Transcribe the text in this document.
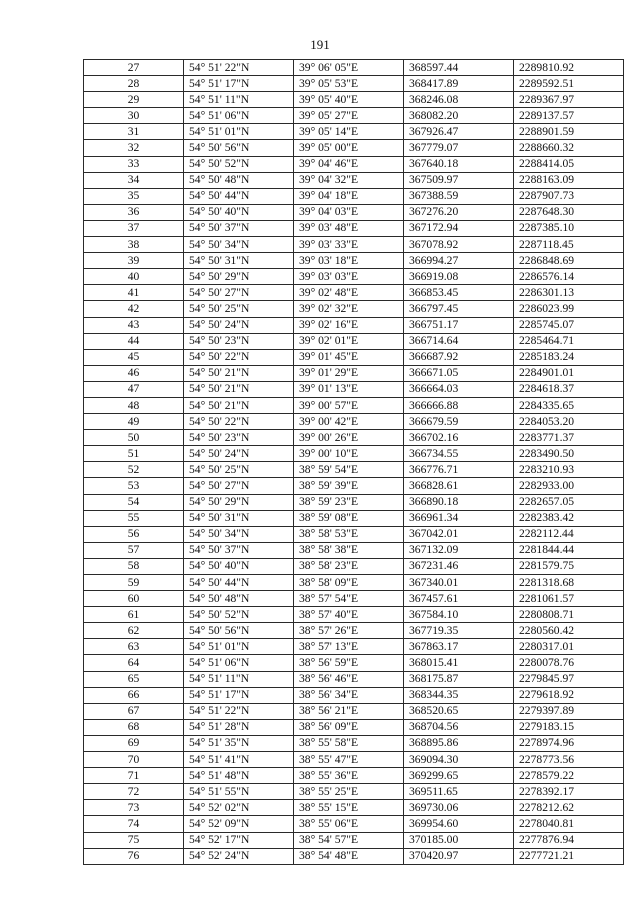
191
27	54° 51' 22"N	39° 06' 05"E	368597.44	2289810.92
28	54° 51' 17"N	39° 05' 53"E	368417.89	2289592.51
29	54° 51' 11"N	39° 05' 40"E	368246.08	2289367.97
30	54° 51' 06"N	39° 05' 27"E	368082.20	2289137.57
31	54° 51' 01"N	39° 05' 14"E	367926.47	2288901.59
32	54° 50' 56"N	39° 05' 00"E	367779.07	2288660.32
33	54° 50' 52"N	39° 04' 46"E	367640.18	2288414.05
34	54° 50' 48"N	39° 04' 32"E	367509.97	2288163.09
35	54° 50' 44"N	39° 04' 18"E	367388.59	2287907.73
36	54° 50' 40"N	39° 04' 03"E	367276.20	2287648.30
37	54° 50' 37"N	39° 03' 48"E	367172.94	2287385.10
38	54° 50' 34"N	39° 03' 33"E	367078.92	2287118.45
39	54° 50' 31"N	39° 03' 18"E	366994.27	2286848.69
40	54° 50' 29"N	39° 03' 03"E	366919.08	2286576.14
41	54° 50' 27"N	39° 02' 48"E	366853.45	2286301.13
42	54° 50' 25"N	39° 02' 32"E	366797.45	2286023.99
43	54° 50' 24"N	39° 02' 16"E	366751.17	2285745.07
44	54° 50' 23"N	39° 02' 01"E	366714.64	2285464.71
45	54° 50' 22"N	39° 01' 45"E	366687.92	2285183.24
46	54° 50' 21"N	39° 01' 29"E	366671.05	2284901.01
47	54° 50' 21"N	39° 01' 13"E	366664.03	2284618.37
48	54° 50' 21"N	39° 00' 57"E	366666.88	2284335.65
49	54° 50' 22"N	39° 00' 42"E	366679.59	2284053.20
50	54° 50' 23"N	39° 00' 26"E	366702.16	2283771.37
51	54° 50' 24"N	39° 00' 10"E	366734.55	2283490.50
52	54° 50' 25"N	38° 59' 54"E	366776.71	2283210.93
53	54° 50' 27"N	38° 59' 39"E	366828.61	2282933.00
54	54° 50' 29"N	38° 59' 23"E	366890.18	2282657.05
55	54° 50' 31"N	38° 59' 08"E	366961.34	2282383.42
56	54° 50' 34"N	38° 58' 53"E	367042.01	2282112.44
57	54° 50' 37"N	38° 58' 38"E	367132.09	2281844.44
58	54° 50' 40"N	38° 58' 23"E	367231.46	2281579.75
59	54° 50' 44"N	38° 58' 09"E	367340.01	2281318.68
60	54° 50' 48"N	38° 57' 54"E	367457.61	2281061.57
61	54° 50' 52"N	38° 57' 40"E	367584.10	2280808.71
62	54° 50' 56"N	38° 57' 26"E	367719.35	2280560.42
63	54° 51' 01"N	38° 57' 13"E	367863.17	2280317.01
64	54° 51' 06"N	38° 56' 59"E	368015.41	2280078.76
65	54° 51' 11"N	38° 56' 46"E	368175.87	2279845.97
66	54° 51' 17"N	38° 56' 34"E	368344.35	2279618.92
67	54° 51' 22"N	38° 56' 21"E	368520.65	2279397.89
68	54° 51' 28"N	38° 56' 09"E	368704.56	2279183.15
69	54° 51' 35"N	38° 55' 58"E	368895.86	2278974.96
70	54° 51' 41"N	38° 55' 47"E	369094.30	2278773.56
71	54° 51' 48"N	38° 55' 36"E	369299.65	2278579.22
72	54° 51' 55"N	38° 55' 25"E	369511.65	2278392.17
73	54° 52' 02"N	38° 55' 15"E	369730.06	2278212.62
74	54° 52' 09"N	38° 55' 06"E	369954.60	2278040.81
75	54° 52' 17"N	38° 54' 57"E	370185.00	2277876.94
76	54° 52' 24"N	38° 54' 48"E	370420.97	2277721.21
